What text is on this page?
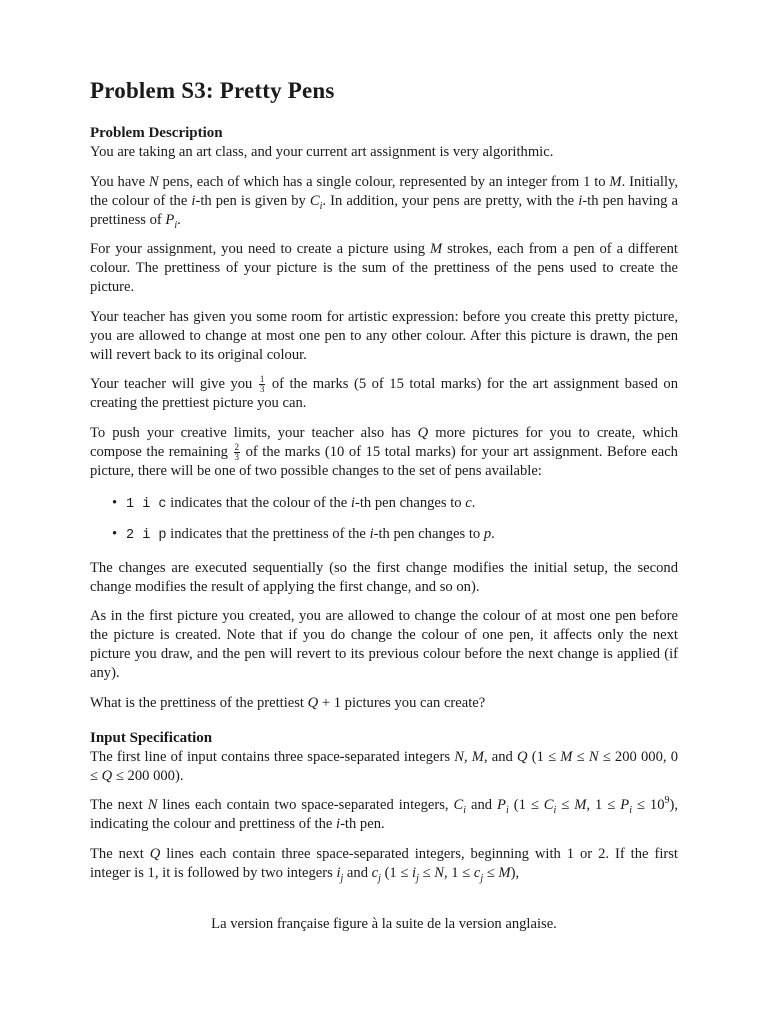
Problem S3: Pretty Pens
Problem Description

You are taking an art class, and your current art assignment is very algorithmic.

You have N pens, each of which has a single colour, represented by an integer from 1 to M. Initially, the colour of the i-th pen is given by $C_i$. In addition, your pens are pretty, with the i-th pen having a prettiness of $P_i$.

For your assignment, you need to create a picture using M strokes, each from a pen of a different colour. The prettiness of your picture is the sum of the prettiness of the pens used to create the picture.

Your teacher has given you some room for artistic expression: before you create this pretty picture, you are allowed to change at most one pen to any other colour. After this picture is drawn, the pen will revert back to its original colour.

Your teacher will give you $\frac{1}{3}$ of the marks (5 of 15 total marks) for the art assignment based on creating the prettiest picture you can.

To push your creative limits, your teacher also has Q more pictures for you to create, which compose the remaining $\frac{2}{3}$ of the marks (10 of 15 total marks) for your art assignment. Before each picture, there will be one of two possible changes to the set of pens available:

• 1 i c indicates that the colour of the i-th pen changes to c.
• 2 i p indicates that the prettiness of the i-th pen changes to p.

The changes are executed sequentially (so the first change modifies the initial setup, the second change modifies the result of applying the first change, and so on).

As in the first picture you created, you are allowed to change the colour of at most one pen before the picture is created. Note that if you do change the colour of one pen, it affects only the next picture you draw, and the pen will revert to its previous colour before the next change is applied (if any).

What is the prettiness of the prettiest Q + 1 pictures you can create?

Input Specification

The first line of input contains three space-separated integers N, M, and Q (1 ≤ M ≤ N ≤ 200 000, 0 ≤ Q ≤ 200 000).

The next N lines each contain two space-separated integers, $C_i$ and $P_i$ ($1 \le C_i \le M$, $1 \le P_i \le 10^9$), indicating the colour and prettiness of the i-th pen.

The next Q lines each contain three space-separated integers, beginning with 1 or 2. If the first integer is 1, it is followed by two integers $i_j$ and $c_j$ ($1 \le i_j \le N$, $1 \le c_j \le M$),

La version française figure à la suite de la version anglaise.
